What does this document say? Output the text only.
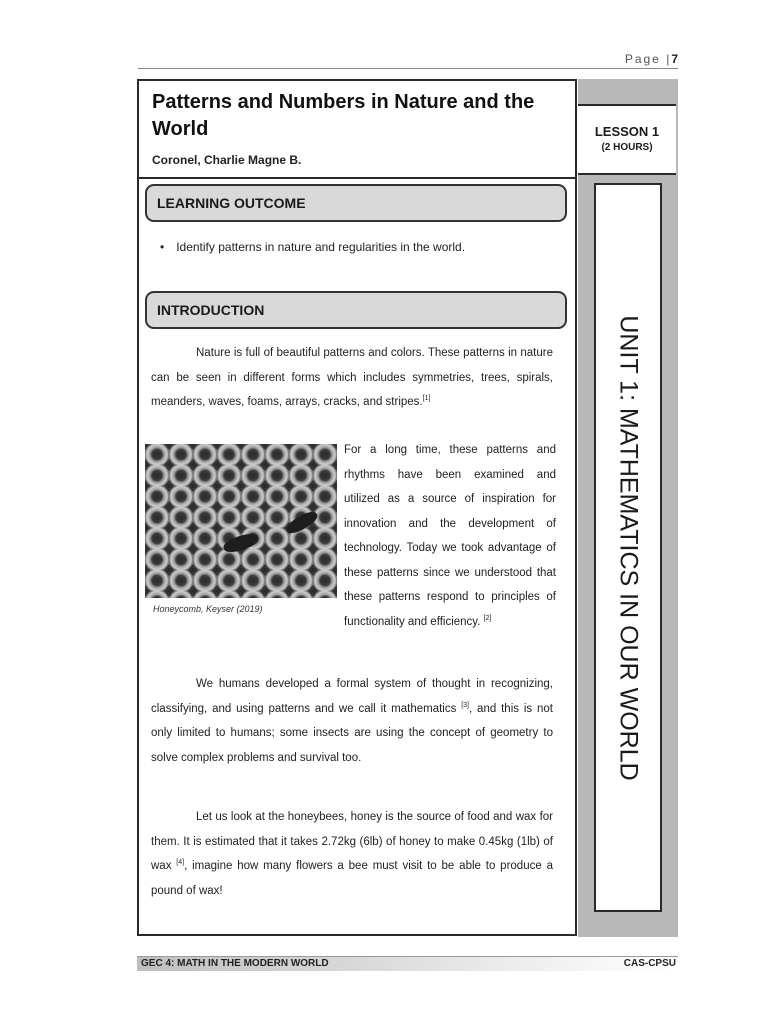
Page |7
LESSON 1
(2 HOURS)
UNIT 1: MATHEMATICS IN OUR WORLD
Patterns and Numbers in Nature and the World
Coronel, Charlie Magne B.
LEARNING OUTCOME
• Identify patterns in nature and regularities in the world.
INTRODUCTION

Nature is full of beautiful patterns and colors. These patterns in nature can be seen in different forms which includes symmetries, trees, spirals, meanders, waves, foams, arrays, cracks, and stripes.[1]

Honeycomb, Keyser (2019)

For a long time, these patterns and rhythms have been examined and utilized as a source of inspiration for innovation and the development of technology. Today we took advantage of these patterns since we understood that these patterns respond to principles of functionality and efficiency. [2]

We humans developed a formal system of thought in recognizing, classifying, and using patterns and we call it mathematics [3], and this is not only limited to humans; some insects are using the concept of geometry to solve complex problems and survival too.

Let us look at the honeybees, honey is the source of food and wax for them. It is estimated that it takes 2.72kg (6lb) of honey to make 0.45kg (1lb) of wax [4], imagine how many flowers a bee must visit to be able to produce a pound of wax!

GEC 4: MATH IN THE MODERN WORLD	CAS-CPSU
